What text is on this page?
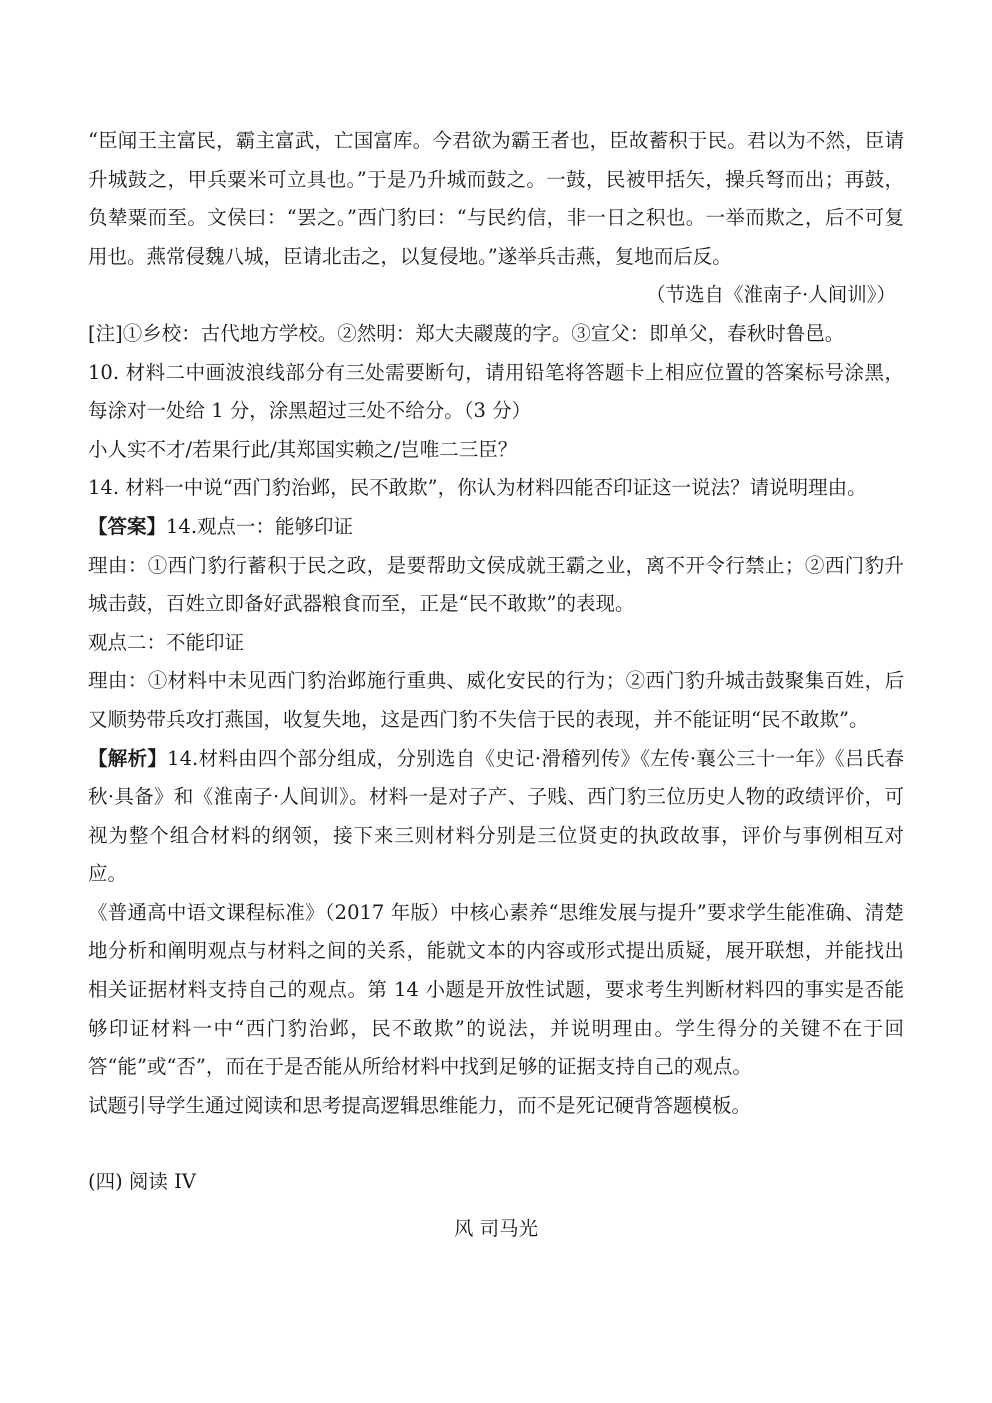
“臣闻王主富民，霸主富武，亡国富库。今君欲为霸王者也，臣故蓄积于民。君以为不然，臣请升城鼓之，甲兵粟米可立具也。”于是乃升城而鼓之。一鼓，民被甲括矢，操兵弩而出；再鼓，负辇粟而至。文侯曰：“罢之。”西门豹曰：“与民约信，非一日之积也。一举而欺之，后不可复用也。燕常侵魏八城，臣请北击之，以复侵地。”遂举兵击燕，复地而后反。

（节选自《淮南子·人间训》）

[注]①乡校：古代地方学校。②然明：郑大夫鬷蔑的字。③宣父：即单父，春秋时鲁邑。

10. 材料二中画波浪线部分有三处需要断句，请用铅笔将答题卡上相应位置的答案标号涂黑，每涂对一处给 1 分，涂黑超过三处不给分。（3 分）

小人实不才/若果行此/其郑国实赖之/岂唯二三臣？

14. 材料一中说“西门豹治邺，民不敢欺”，你认为材料四能否印证这一说法？请说明理由。

【答案】14.观点一：能够印证

理由：①西门豹行蓄积于民之政，是要帮助文侯成就王霸之业，离不开令行禁止；②西门豹升城击鼓，百姓立即备好武器粮食而至，正是“民不敢欺”的表现。

观点二：不能印证

理由：①材料中未见西门豹治邺施行重典、威化安民的行为；②西门豹升城击鼓聚集百姓，后又顺势带兵攻打燕国，收复失地，这是西门豹不失信于民的表现，并不能证明“民不敢欺”。

【解析】14.材料由四个部分组成，分别选自《史记·滑稽列传》《左传·襄公三十一年》《吕氏春秋·具备》和《淮南子·人间训》。材料一是对子产、子贱、西门豹三位历史人物的政绩评价，可视为整个组合材料的纲领，接下来三则材料分别是三位贤吏的执政故事，评价与事例相互对应。

《普通高中语文课程标准》（2017 年版）中核心素养“思维发展与提升”要求学生能准确、清楚地分析和阐明观点与材料之间的关系，能就文本的内容或形式提出质疑，展开联想，并能找出相关证据材料支持自己的观点。第 14 小题是开放性试题，要求考生判断材料四的事实是否能够印证材料一中“西门豹治邺，民不敢欺”的说法，并说明理由。学生得分的关键不在于回答“能”或“否”，而在于是否能从所给材料中找到足够的证据支持自己的观点。

试题引导学生通过阅读和思考提高逻辑思维能力，而不是死记硬背答题模板。

(四) 阅读 IV

风 司马光
